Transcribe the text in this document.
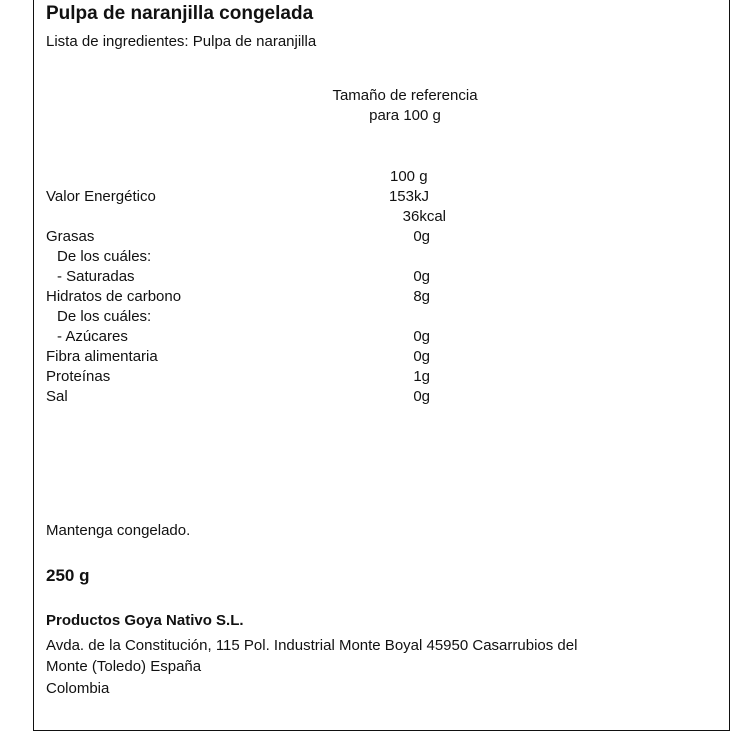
Pulpa de naranjilla congelada
Lista de ingredientes: Pulpa de naranjilla
Tamaño de referencia
para 100 g
100 g
Valor Energético	153kJ
36kcal
Grasas	0g
De los cuáles:
- Saturadas	0g
Hidratos de carbono	8g
De los cuáles:
- Azúcares	0g
Fibra alimentaria	0g
Proteínas	1g
Sal	0g
Mantenga congelado.
250 g
Productos Goya Nativo S.L.
Avda. de la Constitución, 115 Pol. Industrial Monte Boyal 45950 Casarrubios del
Monte (Toledo) España
Colombia
